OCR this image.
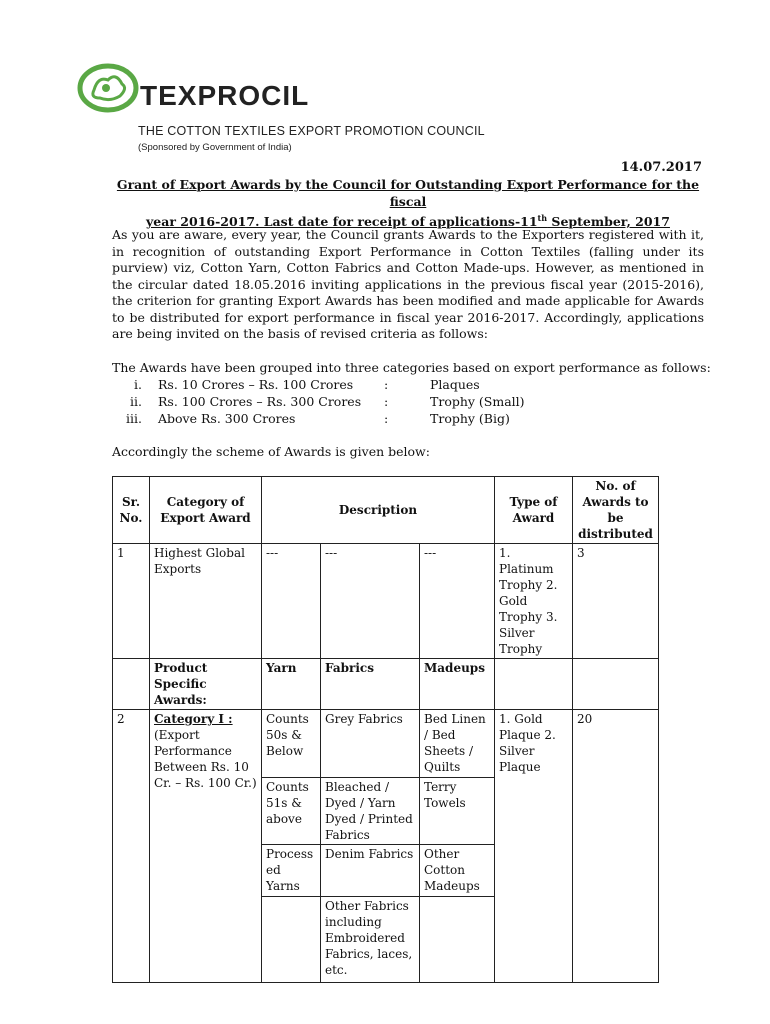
TEXPROCIL
THE COTTON TEXTILES EXPORT PROMOTION COUNCIL
(Sponsored by Government of India)
14.07.2017
Grant of Export Awards by the Council for Outstanding Export Performance for the fiscal
year 2016-2017. Last date for receipt of applications-11th September, 2017
As you are aware, every year, the Council grants Awards to the Exporters registered with it, in recognition of outstanding Export Performance in Cotton Textiles (falling under its purview) viz, Cotton Yarn, Cotton Fabrics and Cotton Made-ups. However, as mentioned in the circular dated 18.05.2016 inviting applications in the previous fiscal year (2015-2016), the criterion for granting Export Awards has been modified and made applicable for Awards to be distributed for export performance in fiscal year 2016-2017. Accordingly, applications are being invited on the basis of revised criteria as follows:
The Awards have been grouped into three categories based on export performance as follows:
i. Rs. 10 Crores – Rs. 100 Crores :	Plaques
ii. Rs. 100 Crores – Rs. 300 Crores :	Trophy (Small)
iii. Above Rs. 300 Crores	:	Trophy (Big)
Accordingly the scheme of Awards is given below:
Sr. No.	Category of Export Award	Description			Type of Award	No. of Awards to be distributed
1	Highest Global Exports	---	---	---	1. Platinum Trophy 2. Gold Trophy 3. Silver Trophy	3
	Product Specific Awards:	Yarn	Fabrics	Madeups		
2	Category I :
(Export Performance Between Rs. 10 Cr. – Rs. 100 Cr.)	Counts 50s & Below	Grey Fabrics	Bed Linen / Bed Sheets / Quilts	1. Gold Plaque 2. Silver Plaque	20
		Counts 51s & above	Bleached / Dyed / Yarn Dyed / Printed Fabrics	Terry Towels		
		Process ed Yarns	Denim Fabrics	Other Cotton Madeups		
			Other Fabrics including Embroidered Fabrics, laces, etc.			
